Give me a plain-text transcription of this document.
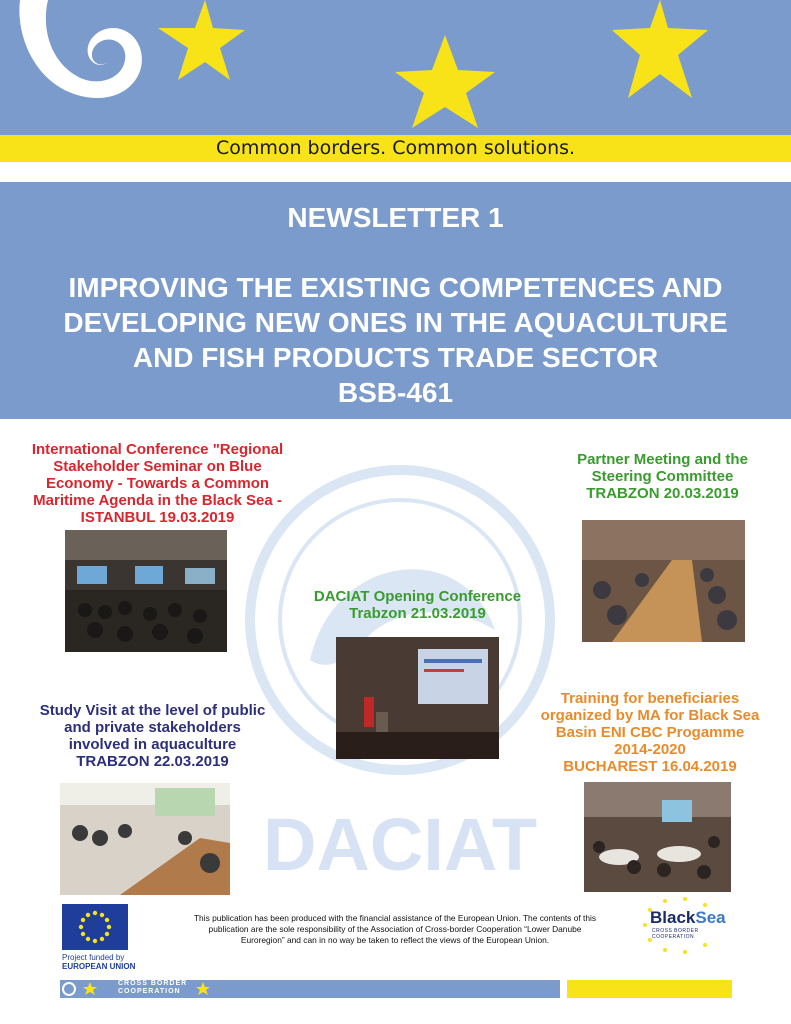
Common borders. Common solutions.
NEWSLETTER 1
IMPROVING THE EXISTING COMPETENCES AND
DEVELOPING NEW ONES IN THE AQUACULTURE
AND FISH PRODUCTS TRADE SECTOR
BSB-461
DACIAT
International Conference "Regional
Stakeholder Seminar on Blue
Economy - Towards a Common
Maritime Agenda in the Black Sea -
ISTANBUL 19.03.2019
Partner Meeting and the
Steering Committee
TRABZON 20.03.2019
DACIAT Opening Conference
Trabzon 21.03.2019
Study Visit at the level of public
and private stakeholders
involved in aquaculture
TRABZON 22.03.2019
Training for beneficiaries
organized by MA for Black Sea
Basin ENI CBC Progamme
2014-2020
BUCHAREST 16.04.2019
Project funded by
EUROPEAN UNION
This publication has been produced with the financial assistance of the European Union. The contents of this publication are the sole responsibility of the Association of Cross-border Cooperation “Lower Danube Euroregion” and can in no way be taken to reflect the views of the European Union.
BlackSea
CROSS BORDER
COOPERATION
CROSS BORDER
COOPERATION
